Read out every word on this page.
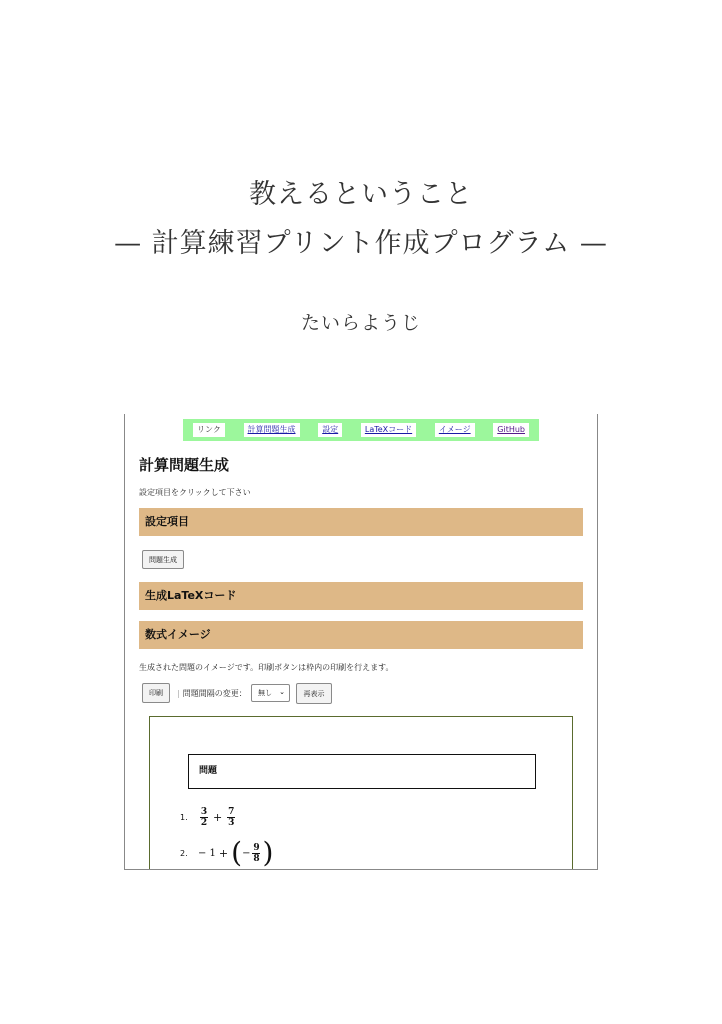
教えるということ
— 計算練習プリント作成プログラム —
たいらようじ
リンク	計算問題生成	設定	LaTeXコード	イメージ	GitHub
計算問題生成
設定項目をクリックして下さい
設定項目
問題生成
生成LaTeXコード
数式イメージ
生成された問題のイメージです。印刷ボタンは枠内の印刷を行えます。
印刷	| 問題間隔の変更： 無し ⌄	再表示
問題
1.	$\frac{3}{2} + \frac{7}{3}$
2.	− 1 + ( − $\frac{9}{8}$ )
